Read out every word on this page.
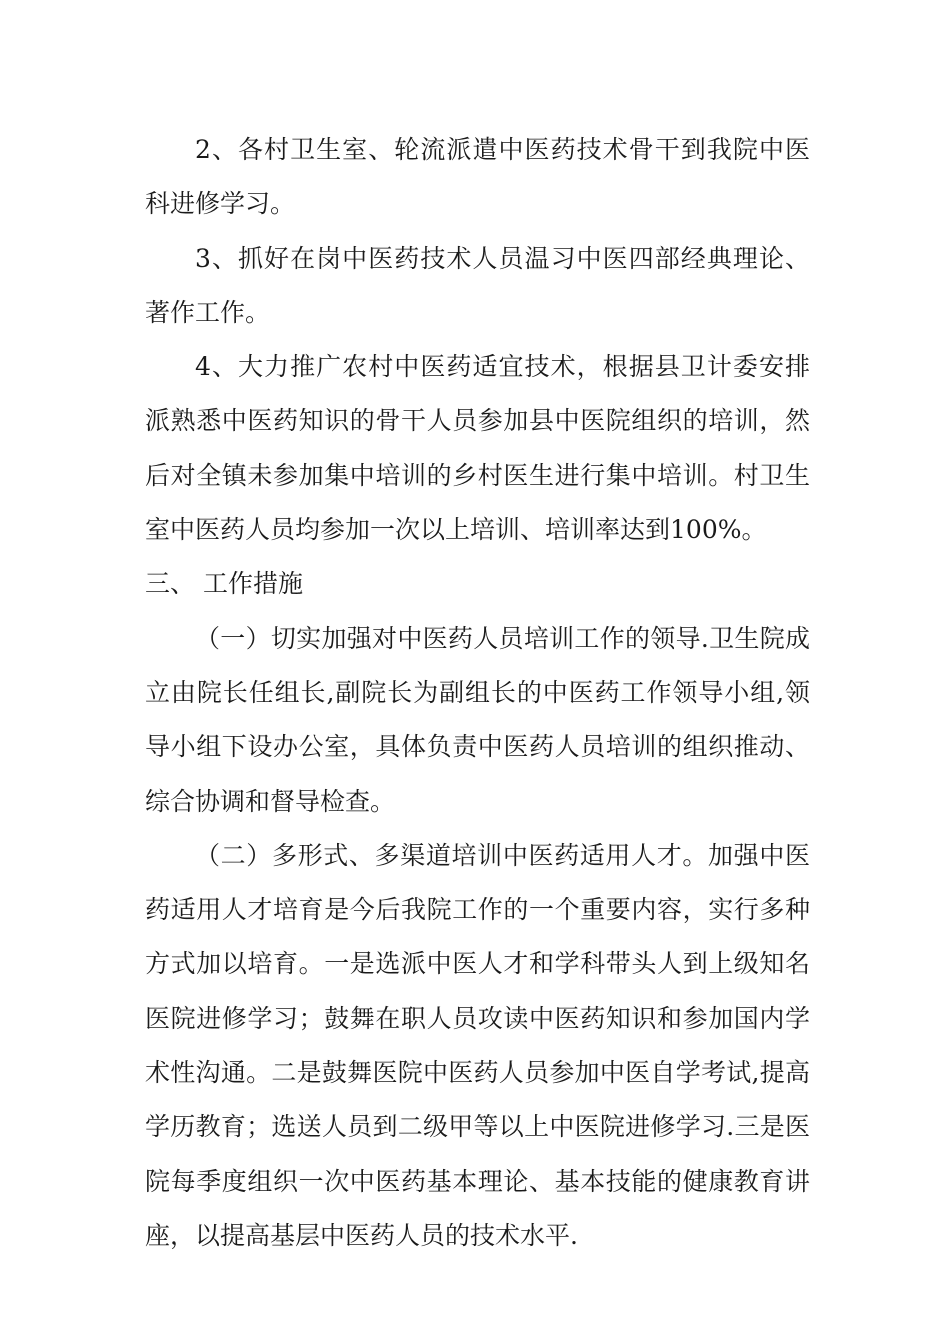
2、各村卫生室、轮流派遣中医药技术骨干到我院中医科进修学习。

3、抓好在岗中医药技术人员温习中医四部经典理论、著作工作。

4、大力推广农村中医药适宜技术，根据县卫计委安排派熟悉中医药知识的骨干人员参加县中医院组织的培训，然后对全镇未参加集中培训的乡村医生进行集中培训。村卫生室中医药人员均参加一次以上培训、培训率达到100%。

三、 工作措施

（一）切实加强对中医药人员培训工作的领导.卫生院成立由院长任组长,副院长为副组长的中医药工作领导小组,领导小组下设办公室，具体负责中医药人员培训的组织推动、综合协调和督导检查。

（二）多形式、多渠道培训中医药适用人才。加强中医药适用人才培育是今后我院工作的一个重要内容，实行多种方式加以培育。一是选派中医人才和学科带头人到上级知名医院进修学习；鼓舞在职人员攻读中医药知识和参加国内学术性沟通。二是鼓舞医院中医药人员参加中医自学考试,提高学历教育；选送人员到二级甲等以上中医院进修学习.三是医院每季度组织一次中医药基本理论、基本技能的健康教育讲座，以提高基层中医药人员的技术水平.
